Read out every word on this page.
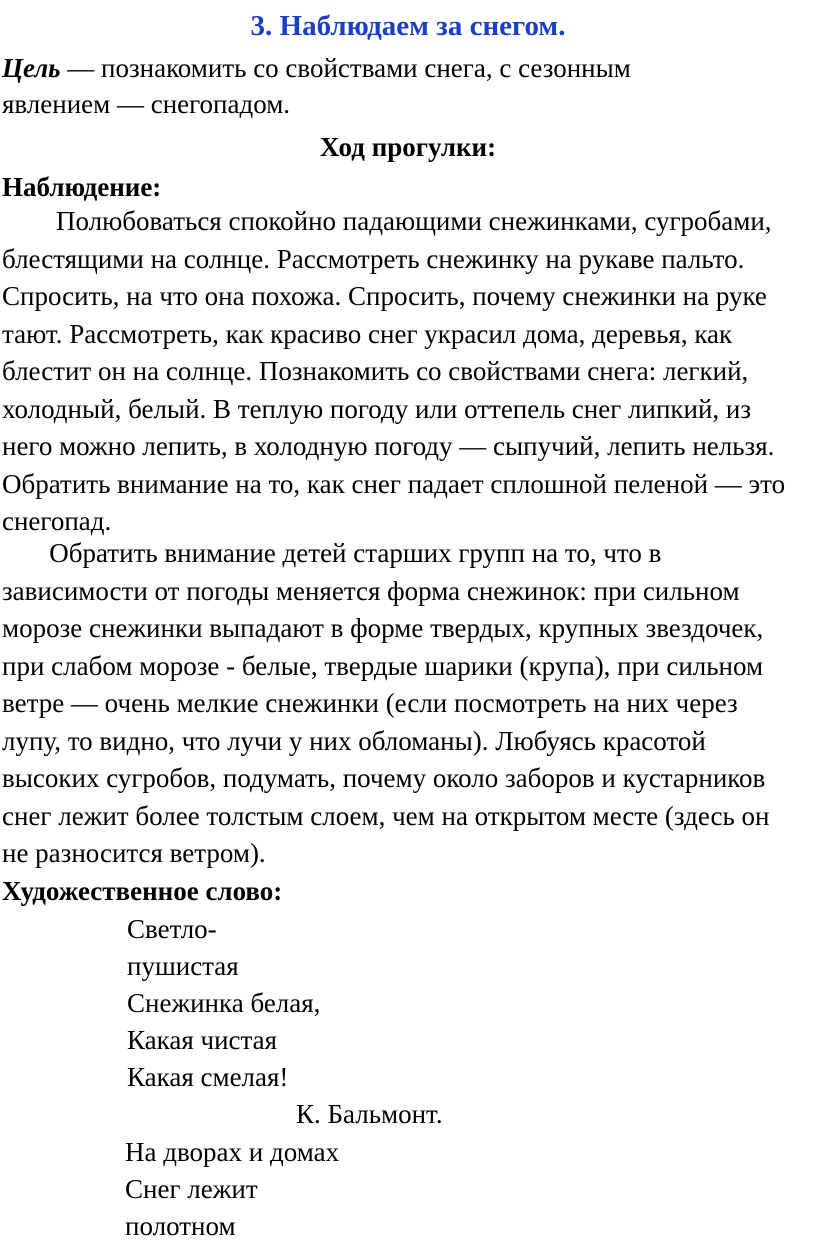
3. Наблюдаем за снегом.

Цель — познакомить со свойствами снега, с сезонным
явлением — снегопадом.

Ход прогулки:
Наблюдение:

Полюбоваться спокойно падающими снежинками, сугробами,
блестящими на солнце. Рассмотреть снежинку на рукаве пальто.
Спросить, на что она похожа. Спросить, почему снежинки на руке
тают. Рассмотреть, как красиво снег украсил дома, деревья, как
блестит он на солнце. Познакомить со свойствами снега: легкий,
холодный, белый. В теплую погоду или оттепель снег липкий, из
него можно лепить, в холодную погоду — сыпучий, лепить нельзя.
Обратить внимание на то, как снег падает сплошной пеленой — это
снегопад.

Обратить внимание детей старших групп на то, что в
зависимости от погоды меняется форма снежинок: при сильном
морозе снежинки выпадают в форме твердых, крупных звездочек,
при слабом морозе - белые, твердые шарики (крупа), при сильном
ветре — очень мелкие снежинки (если посмотреть на них через
лупу, то видно, что лучи у них обломаны). Любуясь красотой
высоких сугробов, подумать, почему около заборов и кустарников
снег лежит более толстым слоем, чем на открытом месте (здесь он
не разносится ветром).

Художественное слово:

Светло-
пушистая
Снежинка белая,
Какая чистая
Какая смелая!

К. Бальмонт.

На дворах и домах
Снег лежит
полотном
